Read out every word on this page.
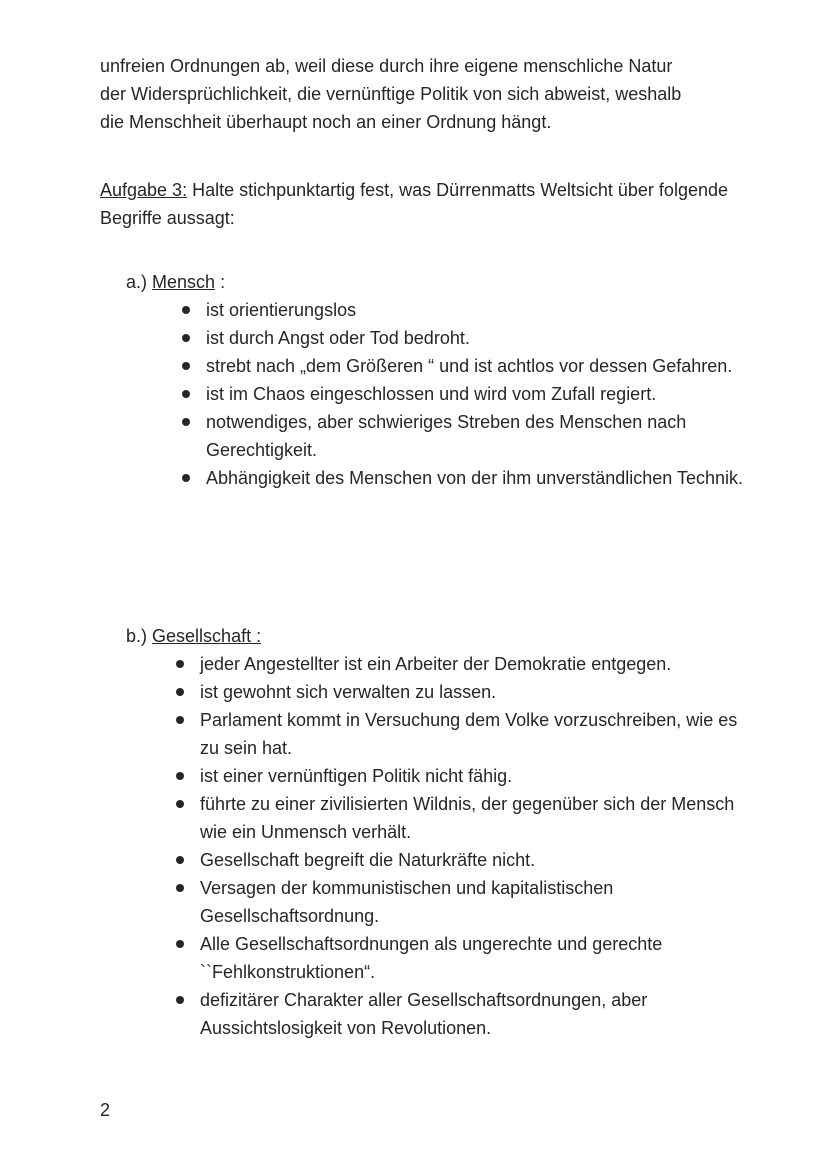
unfreien Ordnungen ab, weil diese durch ihre eigene menschliche Natur
der Widersprüchlichkeit, die vernünftige Politik von sich abweist, weshalb
die Menschheit überhaupt noch an einer Ordnung hängt.

Aufgabe 3: Halte stichpunktartig fest, was Dürrenmatts Weltsicht über folgende Begriffe aussagt:

a.) Mensch :

ist orientierungslos
ist durch Angst oder Tod bedroht.
strebt nach „dem Größeren “ und ist achtlos vor dessen Gefahren.
ist im Chaos eingeschlossen und wird vom Zufall regiert.
notwendiges, aber schwieriges Streben des Menschen nach Gerechtigkeit.
Abhängigkeit des Menschen von der ihm unverständlichen Technik.

b.) Gesellschaft :

jeder Angestellter ist ein Arbeiter der Demokratie entgegen.
ist gewohnt sich verwalten zu lassen.
Parlament kommt in Versuchung dem Volke vorzuschreiben, wie es zu sein hat.
ist einer vernünftigen Politik nicht fähig.
führte zu einer zivilisierten Wildnis, der gegenüber sich der Mensch wie ein Unmensch verhält.
Gesellschaft begreift die Naturkräfte nicht.
Versagen der kommunistischen und kapitalistischen Gesellschaftsordnung.
Alle Gesellschaftsordnungen als ungerechte und gerechte ``Fehlkonstruktionen“.
defizitärer Charakter aller Gesellschaftsordnungen, aber Aussichtslosigkeit von Revolutionen.

2
